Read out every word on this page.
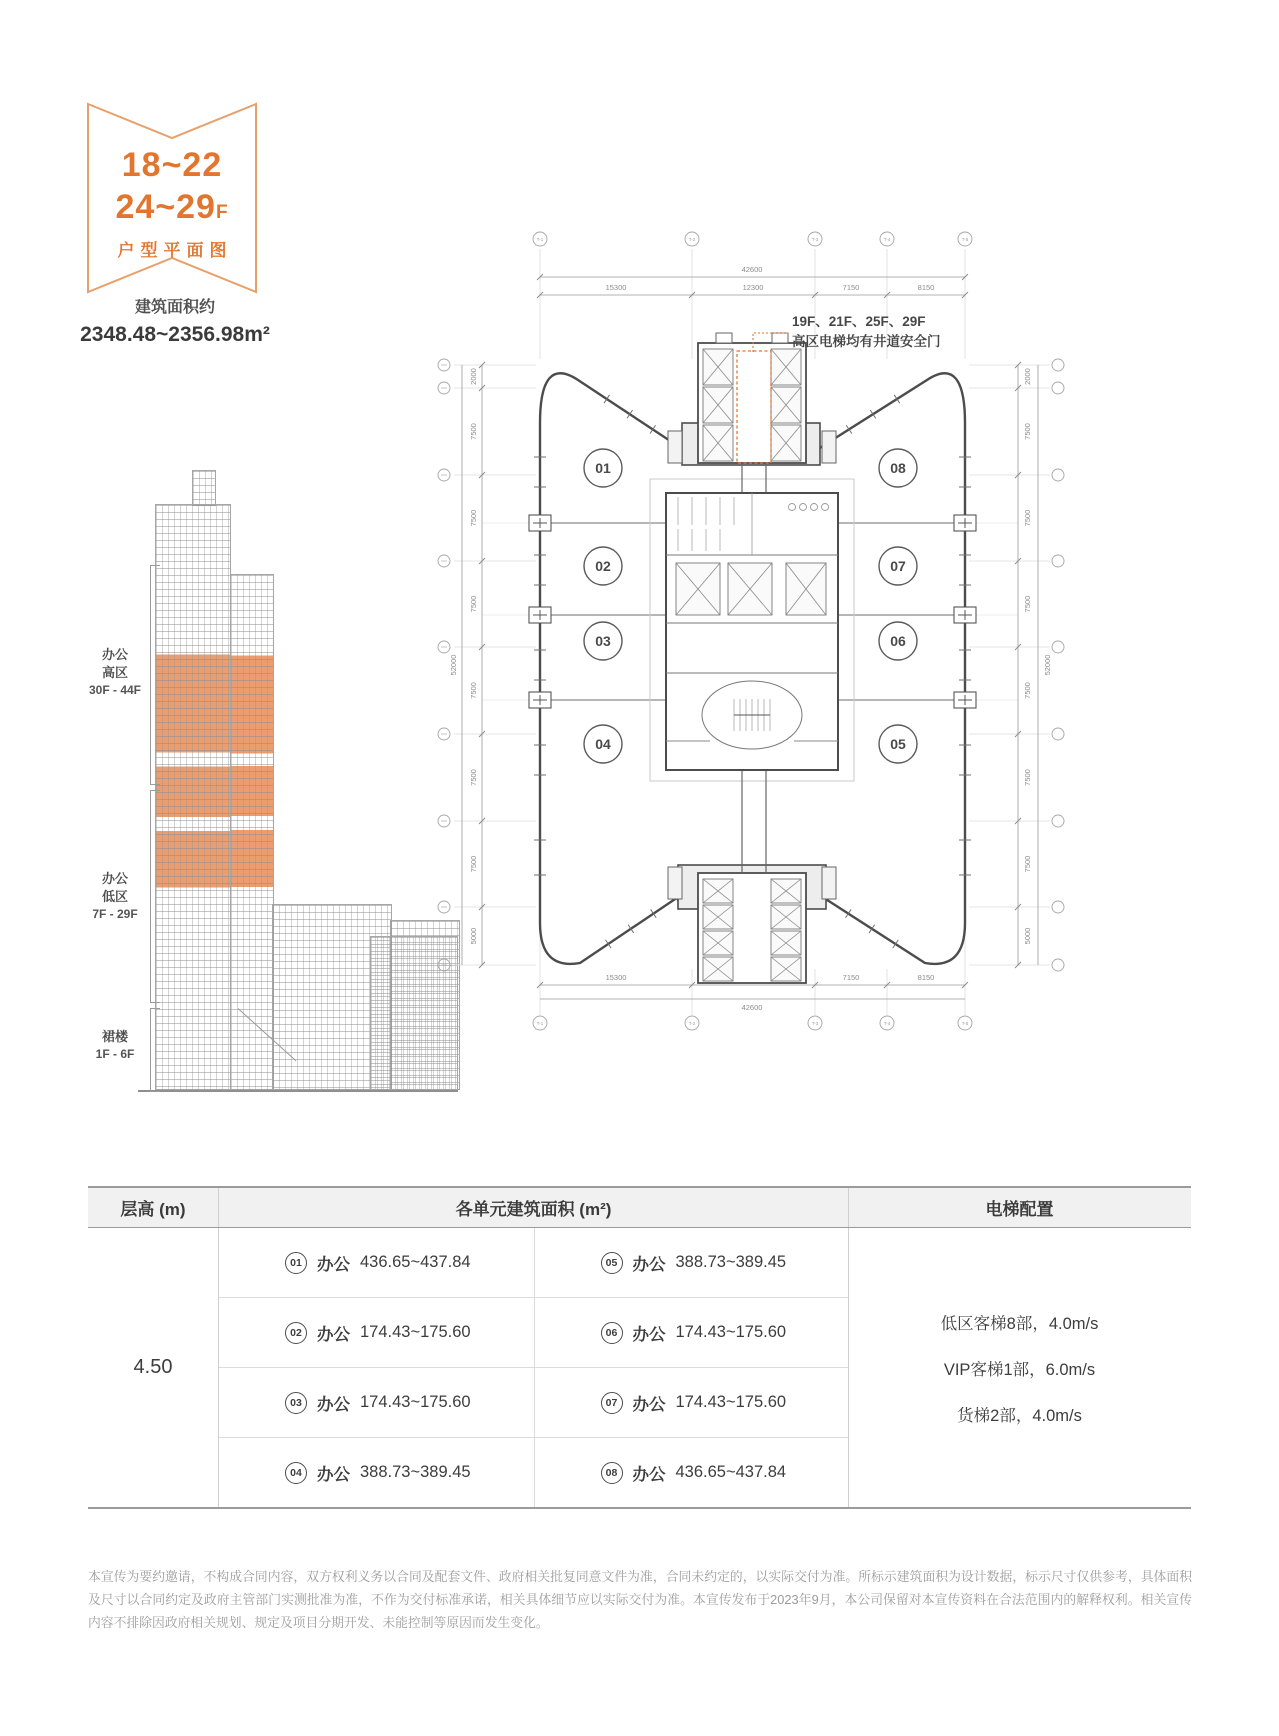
18~22
24~29F
户型平面图
建筑面积约
2348.48~2356.98m²
办公
高区
30F - 44F
办公
低区
7F - 29F
裙楼
1F - 6F
42600
15300	12300	7150	8150
T-1	T-2	T-3	T-4	T-5
15300	7150	8150
42600
T-1	T-2	T-3	T-4	T-5
2000
7500
7500
7500
7500
7500
7500
5000
52000
2000
7500
7500
7500
7500
7500
7500
5000
52000
01
02
03
04	05
06
07
08
19F、21F、25F、29F
高区电梯均有井道安全门
层高 (m)	各单元建筑面积 (m²)	电梯配置
4.50
01 办公 436.65~437.84	05 办公 388.73~389.45
02 办公 174.43~175.60	06 办公 174.43~175.60
03 办公 174.43~175.60	07 办公 174.43~175.60
04 办公 388.73~389.45	08 办公 436.65~437.84
低区客梯8部，4.0m/s
VIP客梯1部，6.0m/s
货梯2部，4.0m/s
本宣传为要约邀请，不构成合同内容，双方权利义务以合同及配套文件、政府相关批复同意文件为准，合同未约定的，以实际交付为准。所标示建筑面积为设计数据，标示尺寸仅供参考，具体面积及尺寸以合同约定及政府主管部门实测批准为准，不作为交付标准承诺，相关具体细节应以实际交付为准。本宣传发布于2023年9月，本公司保留对本宣传资料在合法范围内的解释权利。相关宣传内容不排除因政府相关规划、规定及项目分期开发、未能控制等原因而发生变化。
